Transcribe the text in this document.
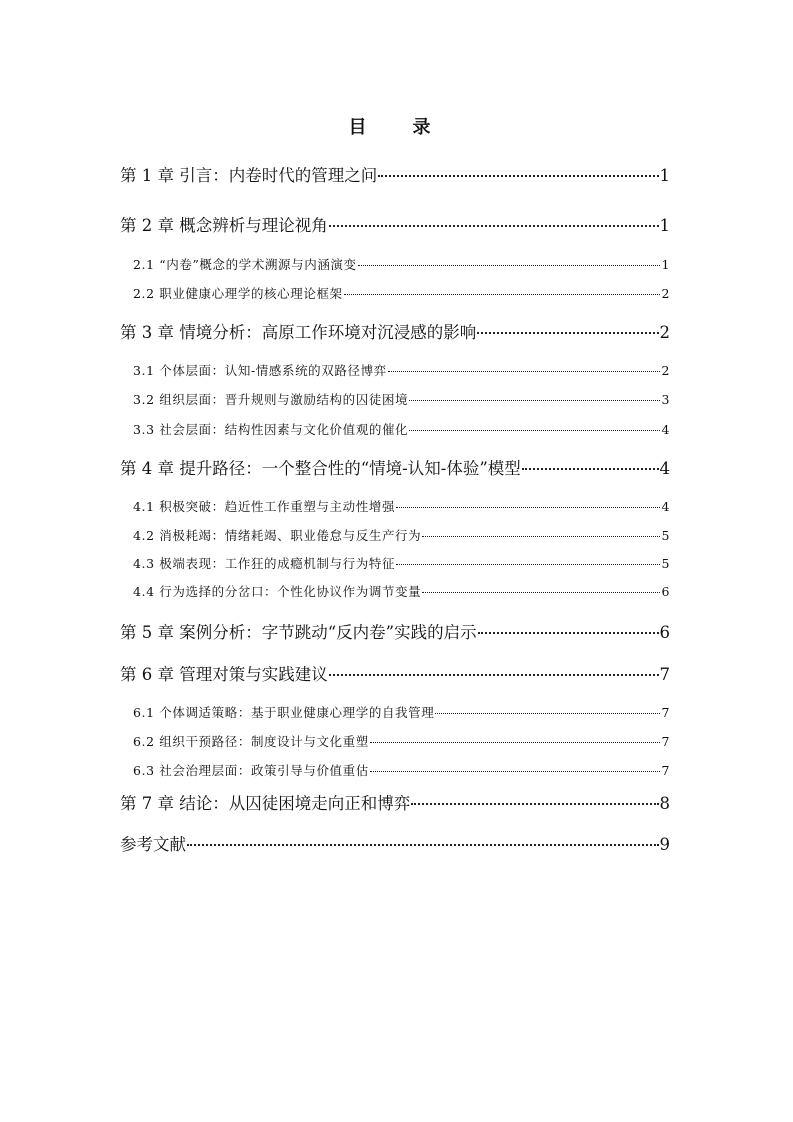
目　录
第 1 章 引言：内卷时代的管理之问	1
第 2 章 概念辨析与理论视角	1
2.1 “内卷”概念的学术溯源与内涵演变	1
2.2 职业健康心理学的核心理论框架	2
第 3 章 情境分析：高原工作环境对沉浸感的影响	2
3.1 个体层面：认知-情感系统的双路径博弈	2
3.2 组织层面：晋升规则与激励结构的囚徒困境	3
3.3 社会层面：结构性因素与文化价值观的催化	4
第 4 章 提升路径：一个整合性的“情境-认知-体验”模型	4
4.1 积极突破：趋近性工作重塑与主动性增强	4
4.2 消极耗竭：情绪耗竭、职业倦怠与反生产行为	5
4.3 极端表现：工作狂的成瘾机制与行为特征	5
4.4 行为选择的分岔口：个性化协议作为调节变量	6
第 5 章 案例分析：字节跳动“反内卷”实践的启示	6
第 6 章 管理对策与实践建议	7
6.1 个体调适策略：基于职业健康心理学的自我管理	7
6.2 组织干预路径：制度设计与文化重塑	7
6.3 社会治理层面：政策引导与价值重估	7
第 7 章 结论：从囚徒困境走向正和博弈	8
参考文献	9
